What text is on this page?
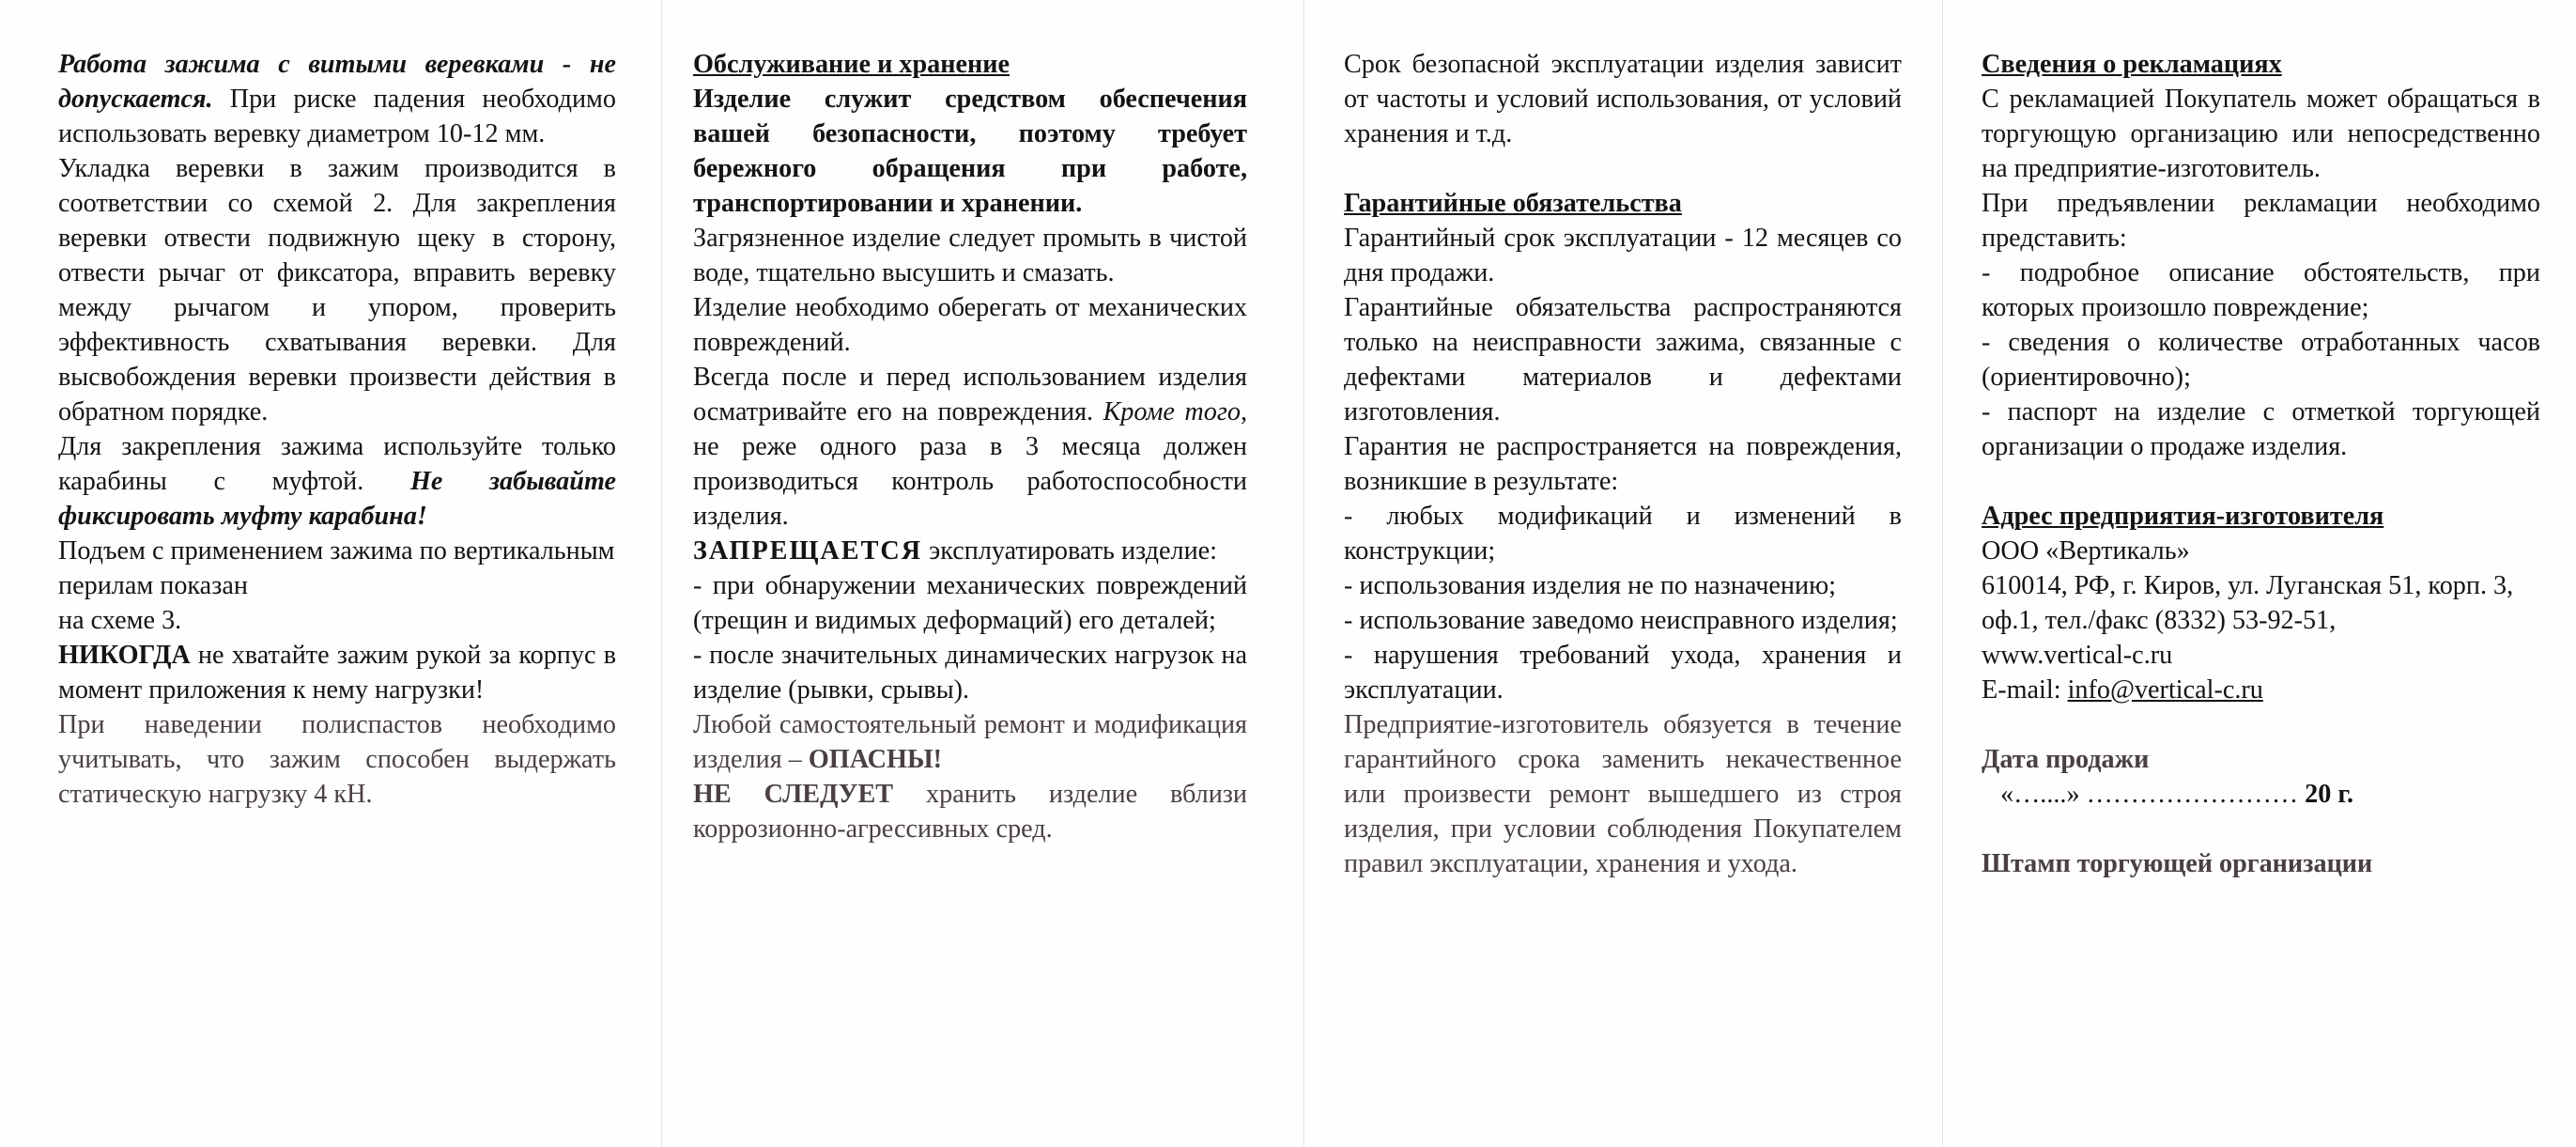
Работа зажима с витыми веревками - не допускается. При риске падения необходимо использовать веревку диаметром 10-12 мм.

Укладка веревки в зажим производится в соответствии со схемой 2. Для закрепления веревки отвести подвижную щеку в сторону, отвести рычаг от фиксатора, вправить веревку между рычагом и упором, проверить эффективность схватывания веревки. Для высвобождения веревки произвести действия в обратном порядке.

Для закрепления зажима используйте только карабины с муфтой. Не забывайте фиксировать муфту карабина!

Подъем с применением зажима по вертикальным перилам показан

на схеме 3.

НИКОГДА не хватайте зажим рукой за корпус в момент приложения к нему нагрузки!

При наведении полиспастов необходимо учитывать, что зажим способен выдержать статическую нагрузку 4 кН.

Обслуживание и хранение

Изделие служит средством обеспечения вашей безопасности, поэтому требует бережного обращения при работе, транспортировании и хранении.

Загрязненное изделие следует промыть в чистой воде, тщательно высушить и смазать.

Изделие необходимо оберегать от механических повреждений.

Всегда после и перед использованием изделия осматривайте его на повреждения. Кроме того, не реже одного раза в 3 месяца должен производиться контроль работоспособности изделия.

ЗАПРЕЩАЕТСЯ эксплуатировать изделие:

- при обнаружении механических повреждений (трещин и видимых деформаций) его деталей;

- после значительных динамических нагрузок на изделие (рывки, срывы).

Любой самостоятельный ремонт и модификация изделия – ОПАСНЫ!

НЕ СЛЕДУЕТ хранить изделие вблизи коррозионно-агрессивных сред.

Срок безопасной эксплуатации изделия зависит от частоты и условий использования, от условий хранения и т.д.

Гарантийные обязательства

Гарантийный срок эксплуатации - 12 месяцев со дня продажи.

Гарантийные обязательства распространяются только на неисправности зажима, связанные с дефектами материалов и дефектами изготовления.

Гарантия не распространяется на повреждения, возникшие в результате:

- любых модификаций и изменений в конструкции;

- использования изделия не по назначению;

- использование заведомо неисправного изделия;

- нарушения требований ухода, хранения и эксплуатации.

Предприятие-изготовитель обязуется в течение гарантийного срока заменить некачественное или произвести ремонт вышедшего из строя изделия, при условии соблюдения Покупателем правил эксплуатации, хранения и ухода.

Сведения о рекламациях

С рекламацией Покупатель может обращаться в торгующую организацию или непосредственно на предприятие-изготовитель.

При предъявлении рекламации необходимо представить:

- подробное описание обстоятельств, при которых произошло повреждение;

- сведения о количестве отработанных часов (ориентировочно);

- паспорт на изделие с отметкой торгующей организации о продаже изделия.

Адрес предприятия-изготовителя

ООО «Вертикаль»

610014, РФ, г. Киров, ул. Луганская 51, корп. 3, оф.1, тел./факс (8332) 53-92-51,

www.vertical-c.ru

E-mail: info@vertical-c.ru

Дата продажи

«…....» …………………… 20 г.

Штамп торгующей организации
